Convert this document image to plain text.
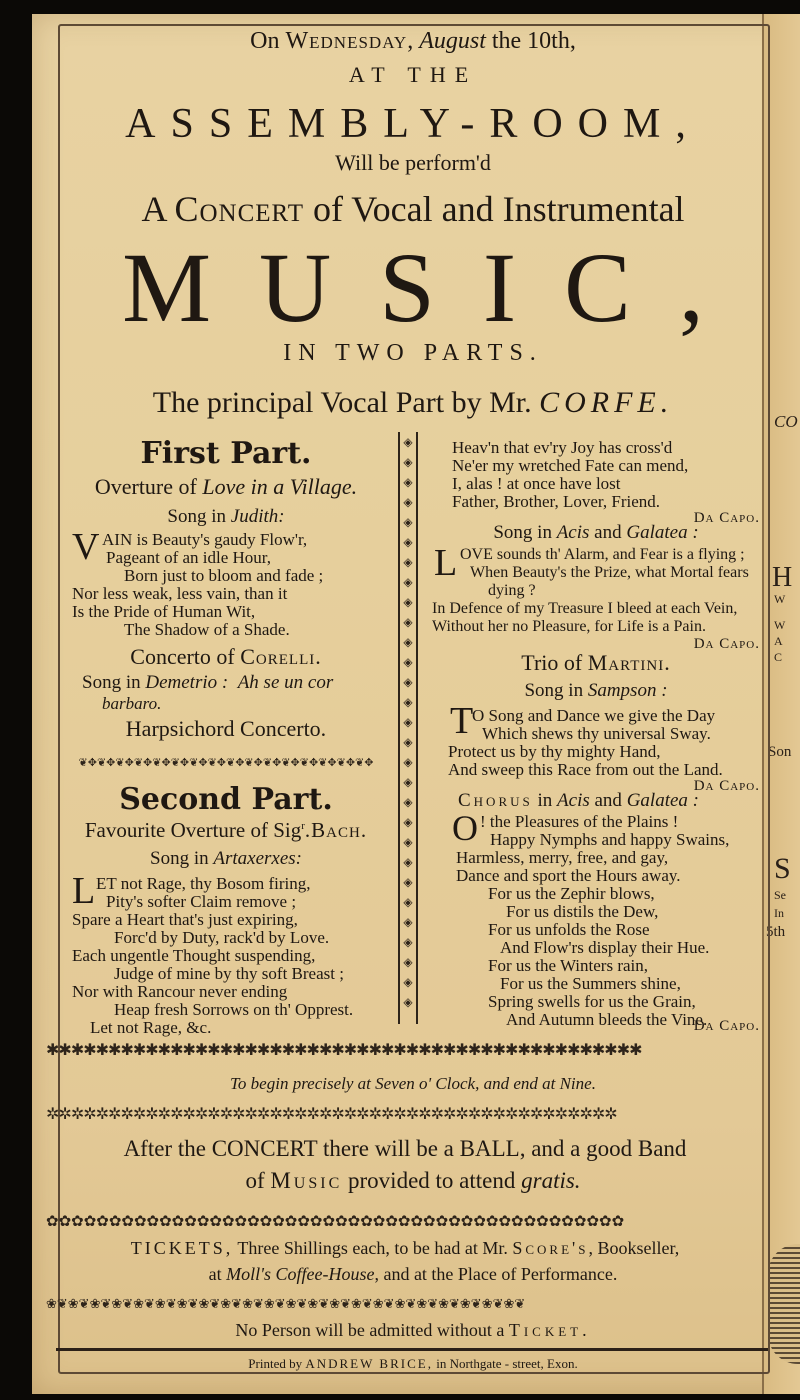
CO
H
W
W
A
C
Son
S
Se
In
5th
On Wednesday, August the 10th,
AT THE
ASSEMBLY-ROOM,
Will be perform'd
A Concert of Vocal and Instrumental
MUSIC,
IN TWO PARTS.
The principal Vocal Part by Mr. CORFE.
First Part.
Overture of Love in a Village.
Song in Judith:
V AIN is Beauty's gaudy Flow'r,
Pageant of an idle Hour,
Born just to bloom and fade ;
Nor less weak, less vain, than it
Is the Pride of Human Wit,
The Shadow of a Shade.
Concerto of Corelli.
Song in Demetrio : Ah se un cor
barbaro.
Harpsichord Concerto.
❦✥❦✥❦✥❦✥❦✥❦✥❦✥❦✥❦✥❦✥❦✥❦✥❦✥❦✥❦✥❦✥
Second Part.
Favourite Overture of Sig$^r$.Bach.
Song in Artaxerxes:
L ET not Rage, thy Bosom firing,
Pity's softer Claim remove ;
Spare a Heart that's just expiring,
Forc'd by Duty, rack'd by Love.
Each ungentle Thought suspending,
Judge of mine by thy soft Breast ;
Nor with Rancour never ending
Heap fresh Sorrows on th' Opprest.
Let not Rage, &c.
◈
◈
◈
◈
◈
◈
◈
◈
◈
◈
◈
◈
◈
◈
◈
◈
◈
◈
◈
◈
◈
◈
◈
◈
◈
◈
◈
◈
◈
Heav'n that ev'ry Joy has cross'd
Ne'er my wretched Fate can mend,
I, alas ! at once have lost
Father, Brother, Lover, Friend.
Da Capo.
Song in Acis and Galatea :
L OVE sounds th' Alarm, and Fear is a flying ;
When Beauty's the Prize, what Mortal fears
dying ?
In Defence of my Treasure I bleed at each Vein,
Without her no Pleasure, for Life is a Pain.
Da Capo.
Trio of Martini.
Song in Sampson :
T
O Song and Dance we give the Day
Which shews thy universal Sway.
Protect us by thy mighty Hand,
And sweep this Race from out the Land.
Da Capo.
Chorus in Acis and Galatea :
O ! the Pleasures of the Plains !
Happy Nymphs and happy Swains,
Harmless, merry, free, and gay,
Dance and sport the Hours away.
For us the Zephir blows,
For us distils the Dew,
For us unfolds the Rose
And Flow'rs display their Hue.
For us the Winters rain,
For us the Summers shine,
Spring swells for us the Grain,
And Autumn bleeds the Vine.
Da Capo.
✱✱✱✱✱✱✱✱✱✱✱✱✱✱✱✱✱✱✱✱✱✱✱✱✱✱✱✱✱✱✱✱✱✱✱✱✱✱✱✱✱✱✱✱✱✱✱✱
To begin precisely at Seven o' Clock, and end at Nine.
✲✲✲✲✲✲✲✲✲✲✲✲✲✲✲✲✲✲✲✲✲✲✲✲✲✲✲✲✲✲✲✲✲✲✲✲✲✲✲✲✲✲✲✲✲✲
After the CONCERT there will be a BALL, and a good Band
of Music provided to attend gratis.
✿✿✿✿✿✿✿✿✿✿✿✿✿✿✿✿✿✿✿✿✿✿✿✿✿✿✿✿✿✿✿✿✿✿✿✿✿✿✿✿✿✿✿✿✿✿
TICKETS, Three Shillings each, to be had at Mr. Score's, Bookseller,
at Moll's Coffee-House, and at the Place of Performance.
❀❦❀❦❀❦❀❦❀❦❀❦❀❦❀❦❀❦❀❦❀❦❀❦❀❦❀❦❀❦❀❦❀❦❀❦❀❦❀❦❀❦❀❦
No Person will be admitted without a Ticket.
Printed by ANDREW BRICE, in Northgate - street, Exon.
